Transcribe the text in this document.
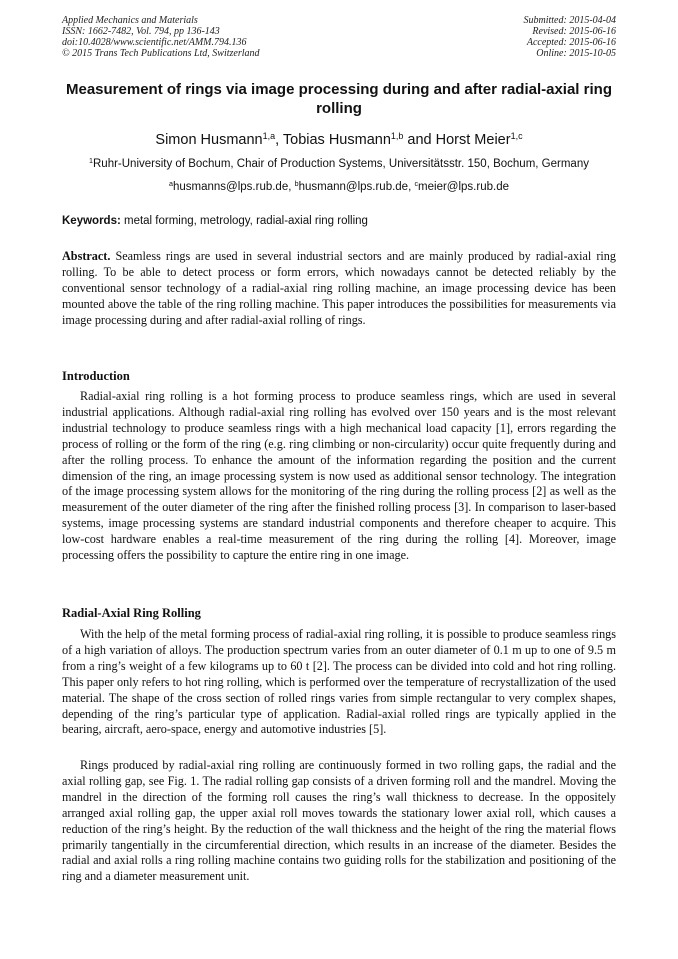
Applied Mechanics and Materials
ISSN: 1662-7482, Vol. 794, pp 136-143
doi:10.4028/www.scientific.net/AMM.794.136
© 2015 Trans Tech Publications Ltd, Switzerland
Submitted: 2015-04-04
Revised: 2015-06-16
Accepted: 2015-06-16
Online: 2015-10-05
Measurement of rings via image processing during and after radial-axial ring rolling
Simon Husmann$^{1,a}$, Tobias Husmann$^{1,b}$ and Horst Meier$^{1,c}$
$^1$Ruhr-University of Bochum, Chair of Production Systems, Universitätsstr. 150, Bochum, Germany
$^a$husmanns@lps.rub.de, $^b$husmann@lps.rub.de, $^c$meier@lps.rub.de
Keywords: metal forming, metrology, radial-axial ring rolling
Abstract. Seamless rings are used in several industrial sectors and are mainly produced by radial-axial ring rolling. To be able to detect process or form errors, which nowadays cannot be detected reliably by the conventional sensor technology of a radial-axial ring rolling machine, an image processing device has been mounted above the table of the ring rolling machine. This paper introduces the possibilities for measurements via image processing during and after radial-axial rolling of rings.
Introduction
Radial-axial ring rolling is a hot forming process to produce seamless rings, which are used in several industrial applications. Although radial-axial ring rolling has evolved over 150 years and is the most relevant industrial technology to produce seamless rings with a high mechanical load capacity [1], errors regarding the process of rolling or the form of the ring (e.g. ring climbing or non-circularity) occur quite frequently during and after the rolling process. To enhance the amount of the information regarding the position and the current dimension of the ring, an image processing system is now used as additional sensor technology. The integration of the image processing system allows for the monitoring of the ring during the rolling process [2] as well as the measurement of the outer diameter of the ring after the finished rolling process [3]. In comparison to laser-based systems, image processing systems are standard industrial components and therefore cheaper to acquire. This low-cost hardware enables a real-time measurement of the ring during the rolling [4]. Moreover, image processing offers the possibility to capture the entire ring in one image.
Radial-Axial Ring Rolling
With the help of the metal forming process of radial-axial ring rolling, it is possible to produce seamless rings of a high variation of alloys. The production spectrum varies from an outer diameter of 0.1 m up to one of 9.5 m from a ring’s weight of a few kilograms up to 60 t [2]. The process can be divided into cold and hot ring rolling. This paper only refers to hot ring rolling, which is performed over the temperature of recrystallization of the used material. The shape of the cross section of rolled rings varies from simple rectangular to very complex shapes, depending of the ring’s particular type of application. Radial-axial rolled rings are typically applied in the bearing, aircraft, aero-space, energy and automotive industries [5].
Rings produced by radial-axial ring rolling are continuously formed in two rolling gaps, the radial and the axial rolling gap, see Fig. 1. The radial rolling gap consists of a driven forming roll and the mandrel. Moving the mandrel in the direction of the forming roll causes the ring’s wall thickness to decrease. In the oppositely arranged axial rolling gap, the upper axial roll moves towards the stationary lower axial roll, which causes a reduction of the ring’s height. By the reduction of the wall thickness and the height of the ring the material flows primarily tangentially in the circumferential direction, which results in an increase of the diameter. Besides the radial and axial rolls a ring rolling machine contains two guiding rolls for the stabilization and positioning of the ring and a diameter measurement unit.
